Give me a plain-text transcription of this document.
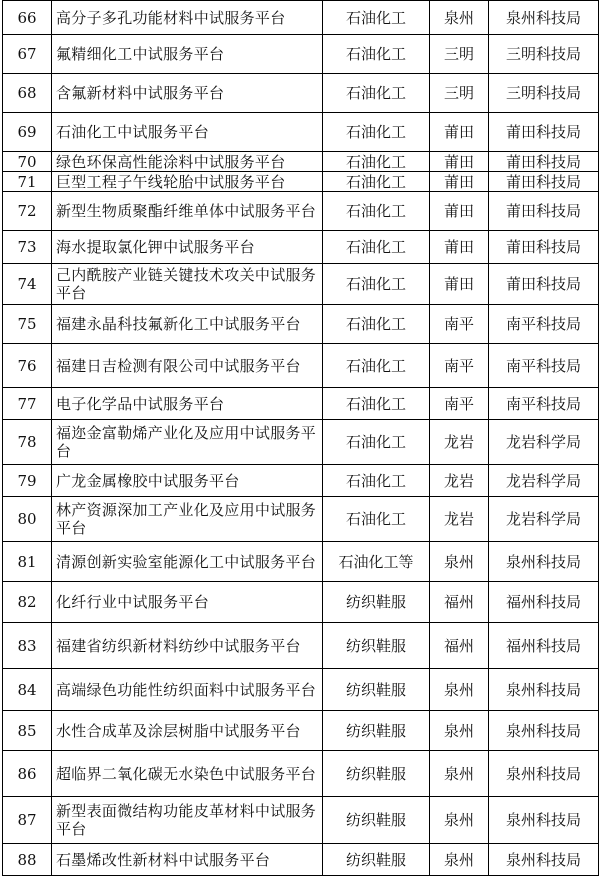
66	高分子多孔功能材料中试服务平台	石油化工	泉州	泉州科技局
67	氟精细化工中试服务平台	石油化工	三明	三明科技局
68	含氟新材料中试服务平台	石油化工	三明	三明科技局
69	石油化工中试服务平台	石油化工	莆田	莆田科技局
70	绿色环保高性能涂料中试服务平台	石油化工	莆田	莆田科技局
71	巨型工程子午线轮胎中试服务平台	石油化工	莆田	莆田科技局
72	新型生物质聚酯纤维单体中试服务平台	石油化工	莆田	莆田科技局
73	海水提取氯化钾中试服务平台	石油化工	莆田	莆田科技局
74	己内酰胺产业链关键技术攻关中试服务平台	石油化工	莆田	莆田科技局
75	福建永晶科技氟新化工中试服务平台	石油化工	南平	南平科技局
76	福建日吉检测有限公司中试服务平台	石油化工	南平	南平科技局
77	电子化学品中试服务平台	石油化工	南平	南平科技局
78	福迩金富勒烯产业化及应用中试服务平台	石油化工	龙岩	龙岩科学局
79	广龙金属橡胶中试服务平台	石油化工	龙岩	龙岩科学局
80	林产资源深加工产业化及应用中试服务平台	石油化工	龙岩	龙岩科学局
81	清源创新实验室能源化工中试服务平台	石油化工等	泉州	泉州科技局
82	化纤行业中试服务平台	纺织鞋服	福州	福州科技局
83	福建省纺织新材料纺纱中试服务平台	纺织鞋服	福州	福州科技局
84	高端绿色功能性纺织面料中试服务平台	纺织鞋服	泉州	泉州科技局
85	水性合成革及涂层树脂中试服务平台	纺织鞋服	泉州	泉州科技局
86	超临界二氧化碳无水染色中试服务平台	纺织鞋服	泉州	泉州科技局
87	新型表面微结构功能皮革材料中试服务平台	纺织鞋服	泉州	泉州科技局
88	石墨烯改性新材料中试服务平台	纺织鞋服	泉州	泉州科技局
